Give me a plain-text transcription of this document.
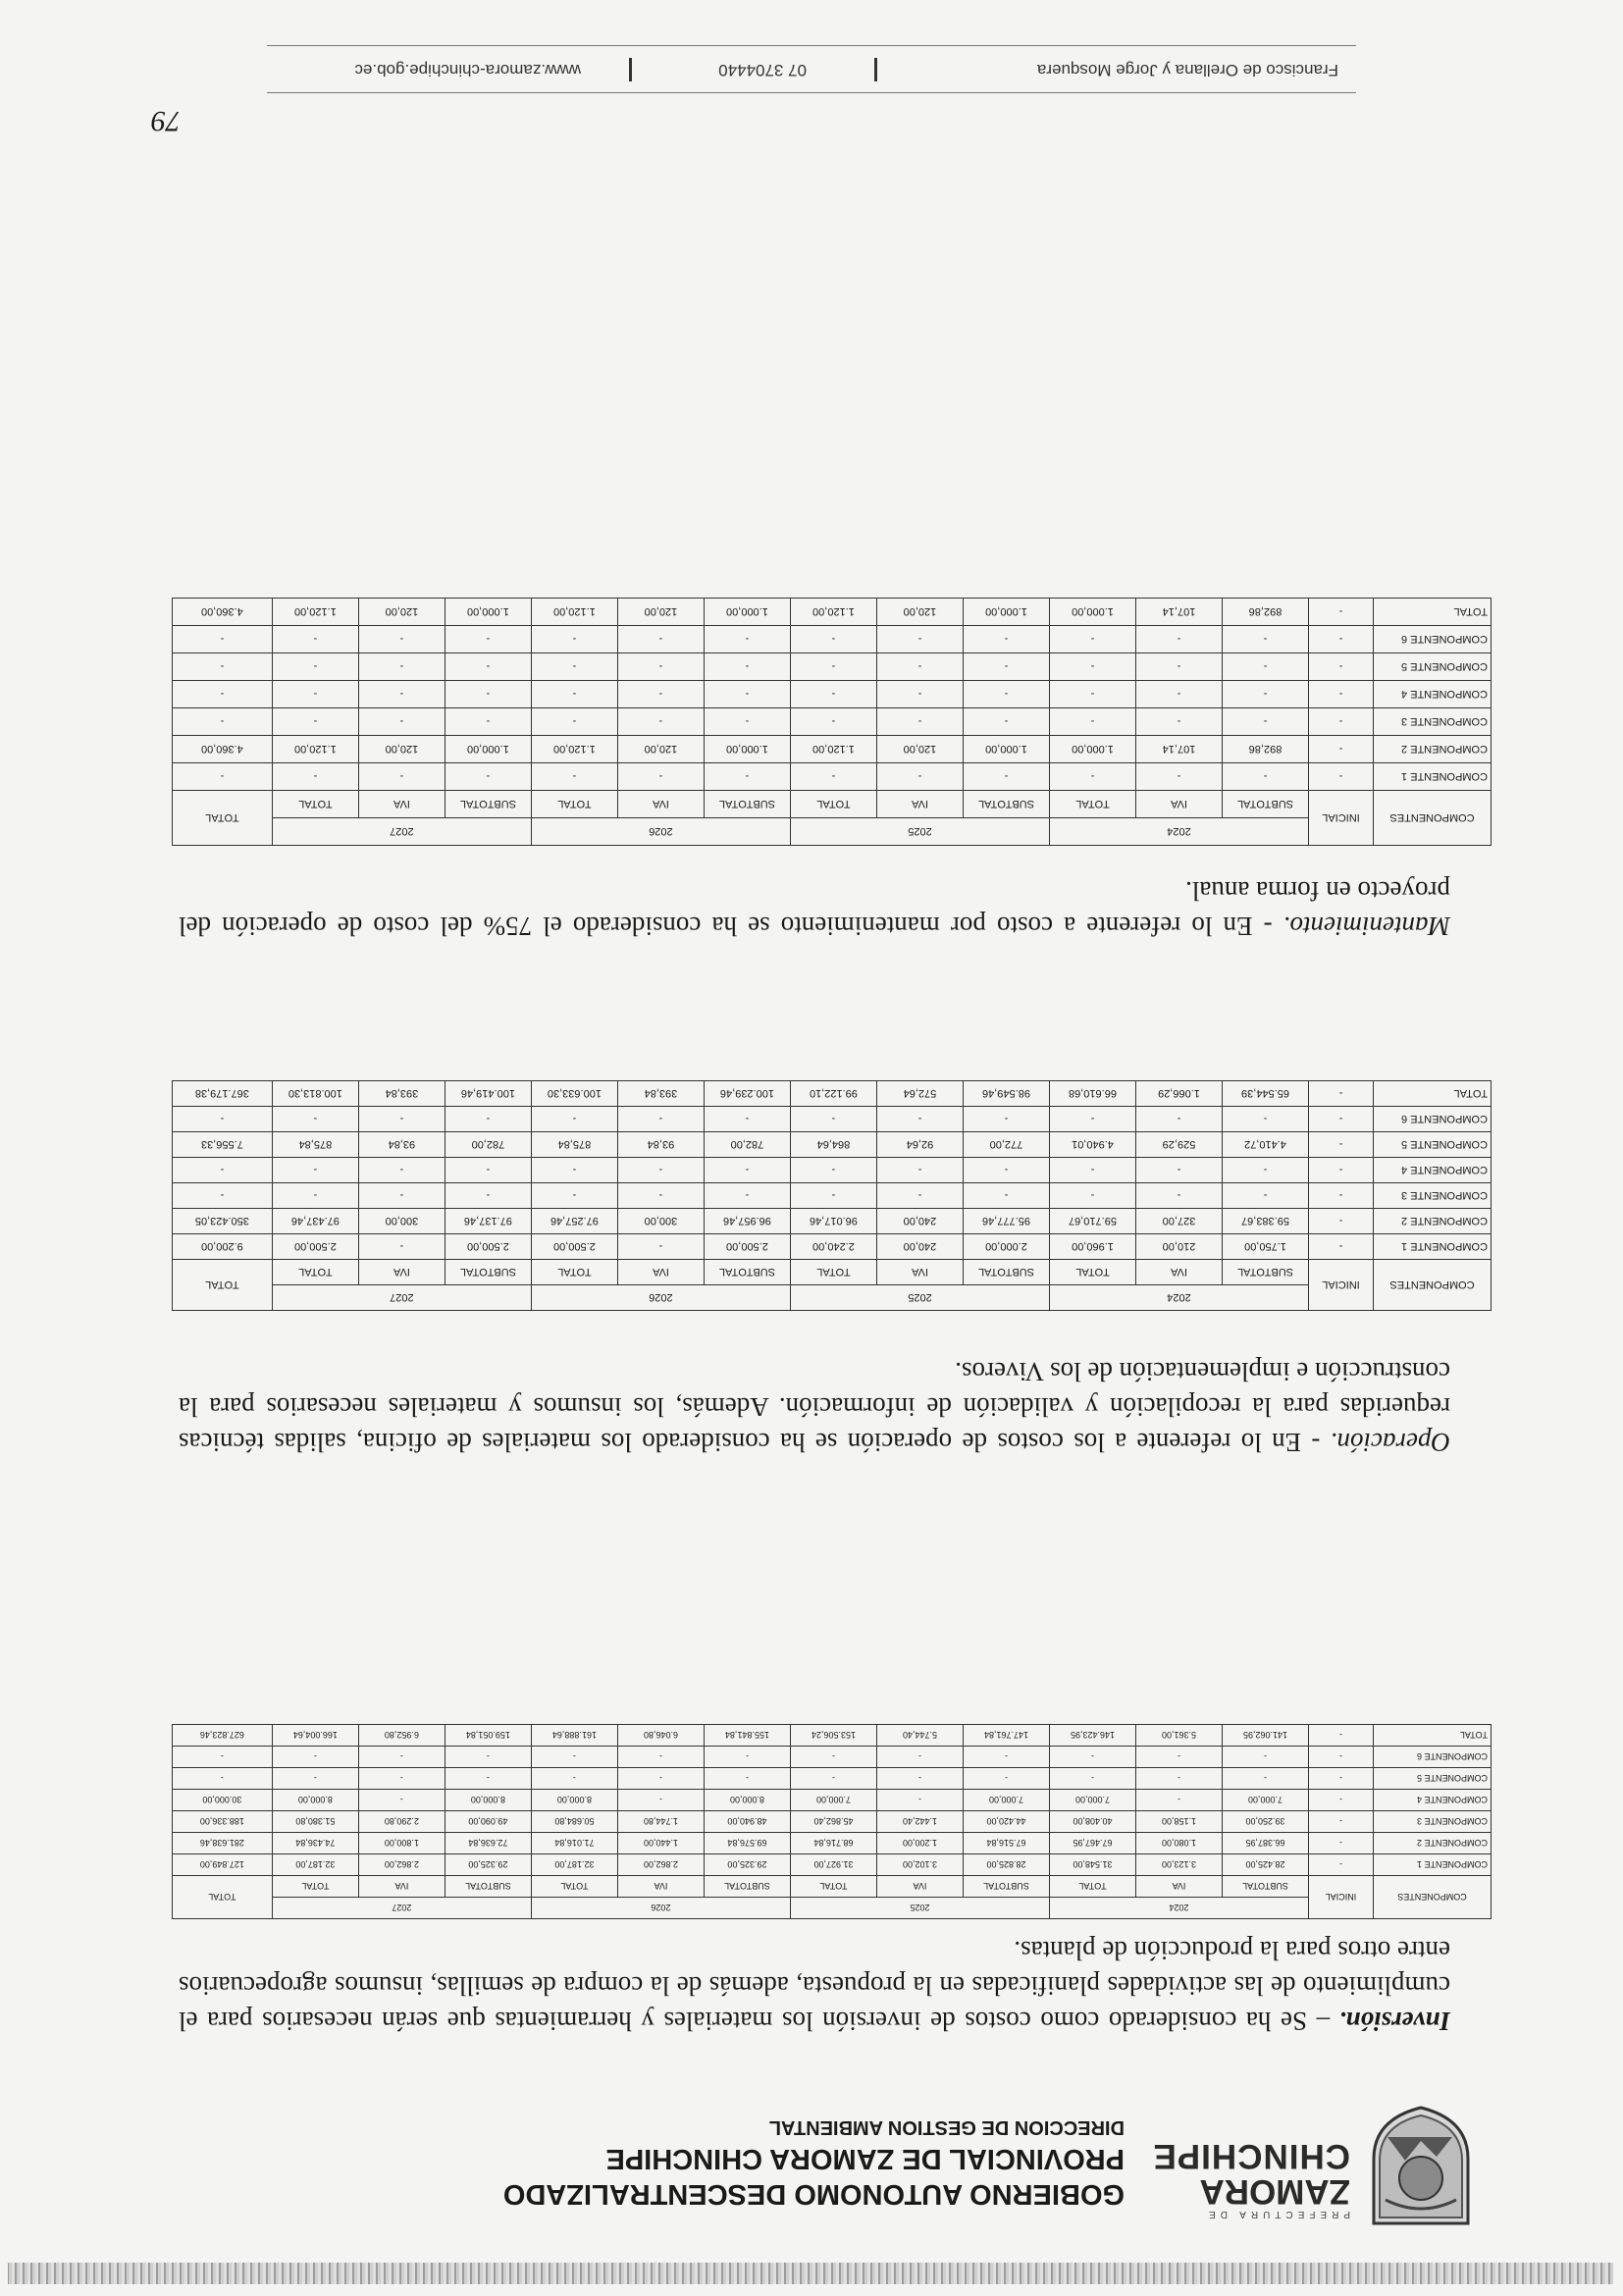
PREFECTURA DE
ZAMORA
CHINCHIPE
GOBIERNO AUTONOMO DESCENTRALIZADO
PROVINCIAL DE ZAMORA CHINCHIPE
DIRECCION DE GESTION AMBIENTAL

Inversión. – Se ha considerado como costos de inversión los materiales y herramientas que serán necesarios para el cumplimiento de las actividades planificadas en la propuesta, además de la compra de semillas, insumos agropecuarios entre otros para la producción de plantas.

COMPONENTES	INICIAL	2024			2025			2026			2027			TOTAL
		SUBTOTAL	IVA	TOTAL	SUBTOTAL	IVA	TOTAL	SUBTOTAL	IVA	TOTAL	SUBTOTAL	IVA	TOTAL	
COMPONENTE 1	-	28.425,00	3.123,00	31.548,00	28.825,00	3.102,00	31.927,00	29.325,00	2.862,00	32.187,00	29.325,00	2.862,00	32.187,00	127.849,00
COMPONENTE 2	-	66.387,95	1.080,00	67.467,95	67.516,84	1.200,00	68.716,84	69.576,84	1.440,00	71.016,84	72.636,84	1.800,00	74.436,84	281.638,46
COMPONENTE 3	-	39.250,00	1.158,00	40.408,00	44.420,00	1.442,40	45.862,40	48.940,00	1.744,80	50.684,80	49.090,00	2.290,80	51.380,80	188.336,00
COMPONENTE 4	-	7.000,00	-	7.000,00	7.000,00	-	7.000,00	8.000,00	-	8.000,00	8.000,00	-	8.000,00	30.000,00
COMPONENTE 5	-	-	-	-	-	-	-	-	-	-	-	-	-	-
COMPONENTE 6	-	-	-	-	-	-	-	-	-	-	-	-	-	-
TOTAL	-	141.062,95	5.361,00	146.423,95	147.761,84	5.744,40	153.506,24	155.841,84	6.046,80	161.888,64	159.051,84	6.952,80	166.004,64	627.823,46

Operación. - En lo referente a los costos de operación se ha considerado los materiales de oficina, salidas técnicas requeridas para la recopilación y validación de información. Además, los insumos y materiales necesarios para la construcción e implementación de los Viveros.

COMPONENTES	INICIAL	2024			2025			2026			2027			TOTAL
		SUBTOTAL	IVA	TOTAL	SUBTOTAL	IVA	TOTAL	SUBTOTAL	IVA	TOTAL	SUBTOTAL	IVA	TOTAL	
COMPONENTE 1	-	1.750,00	210,00	1.960,00	2.000,00	240,00	2.240,00	2.500,00	-	2.500,00	2.500,00	-	2.500,00	9.200,00
COMPONENTE 2	-	59.383,67	327,00	59.710,67	95.777,46	240,00	96.017,46	96.957,46	300,00	97.257,46	97.137,46	300,00	97.437,46	350.423,05
COMPONENTE 3	-	-	-	-	-	-	-	-	-	-	-	-	-	-
COMPONENTE 4	-	-	-	-	-	-	-	-	-	-	-	-	-	-
COMPONENTE 5	-	4.410,72	529,29	4.940,01	772,00	92,64	864,64	782,00	93,84	875,84	782,00	93,84	875,84	7.556,33
COMPONENTE 6	-	-	-	-	-	-	-	-	-	-	-	-	-	-
TOTAL	-	65.544,39	1.066,29	66.610,68	98.549,46	572,64	99.122,10	100.239,46	393,84	100.633,30	100.419,46	393,84	100.813,30	367.179,38

Mantenimiento. - En lo referente a costo por mantenimiento se ha considerado el 75% del costo de operación del proyecto en forma anual.

COMPONENTES	INICIAL	2024			2025			2026			2027			TOTAL
		SUBTOTAL	IVA	TOTAL	SUBTOTAL	IVA	TOTAL	SUBTOTAL	IVA	TOTAL	SUBTOTAL	IVA	TOTAL	
COMPONENTE 1	-	-	-	-	-	-	-	-	-	-	-	-	-	-
COMPONENTE 2	-	892,86	107,14	1.000,00	1.000,00	120,00	1.120,00	1.000,00	120,00	1.120,00	1.000,00	120,00	1.120,00	4.360,00
COMPONENTE 3	-	-	-	-	-	-	-	-	-	-	-	-	-	-
COMPONENTE 4	-	-	-	-	-	-	-	-	-	-	-	-	-	-
COMPONENTE 5	-	-	-	-	-	-	-	-	-	-	-	-	-	-
COMPONENTE 6	-	-	-	-	-	-	-	-	-	-	-	-	-	-
TOTAL	-	892,86	107,14	1.000,00	1.000,00	120,00	1.120,00	1.000,00	120,00	1.120,00	1.000,00	120,00	1.120,00	4.360,00
79
Francisco de Orellana y Jorge Mosquera
07 3704440
www.zamora-chinchipe.gob.ec
